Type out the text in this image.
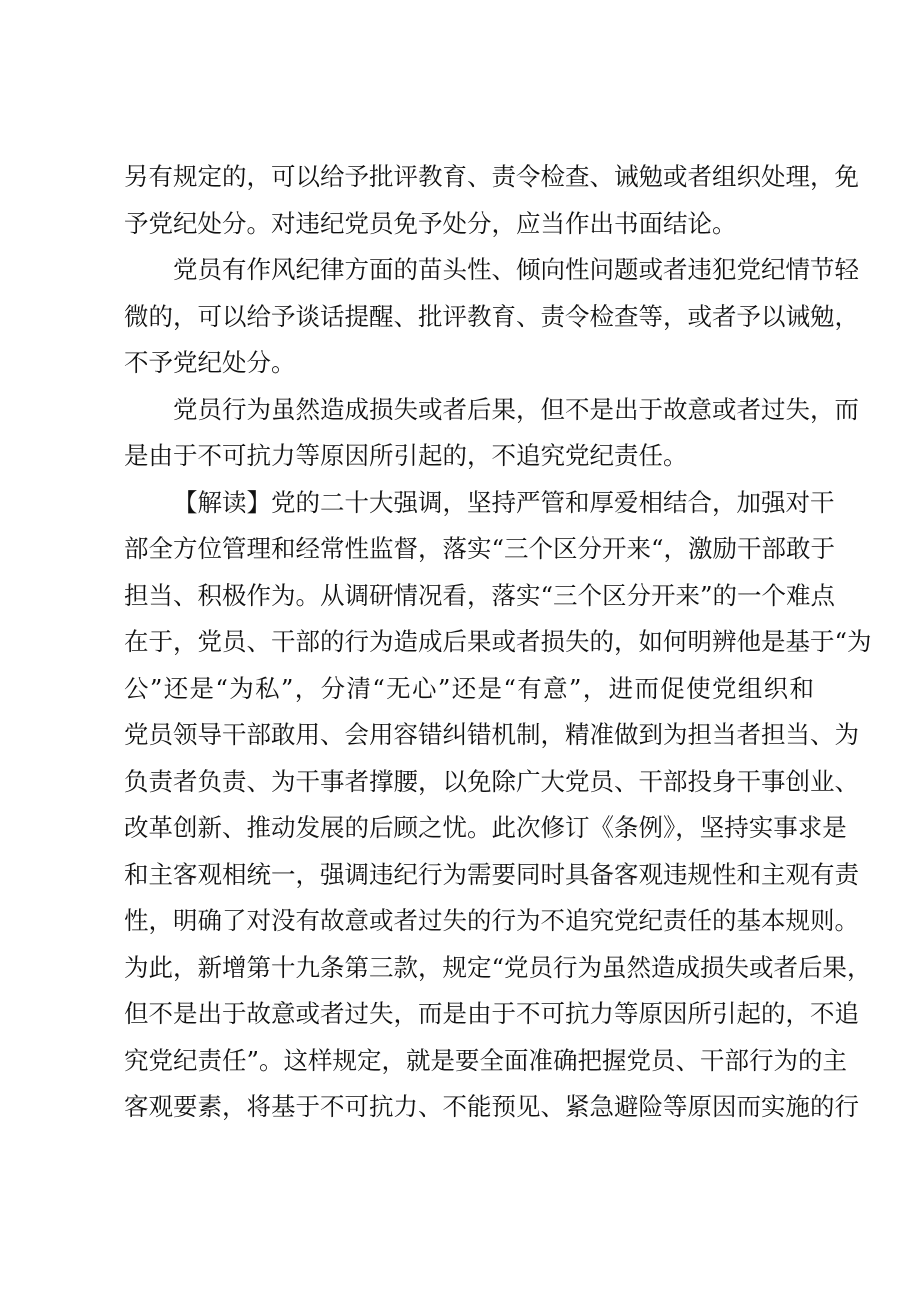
另有规定的，可以给予批评教育、责令检查、诫勉或者组织处理，免
予党纪处分。对违纪党员免予处分，应当作出书面结论。
党员有作风纪律方面的苗头性、倾向性问题或者违犯党纪情节轻
微的，可以给予谈话提醒、批评教育、责令检查等，或者予以诫勉，
不予党纪处分。
党员行为虽然造成损失或者后果，但不是出于故意或者过失，而
是由于不可抗力等原因所引起的，不追究党纪责任。
【解读】党的二十大强调，坚持严管和厚爱相结合，加强对干
部全方位管理和经常性监督，落实“三个区分开来“，激励干部敢于
担当、积极作为。从调研情况看，落实“三个区分开来”的一个难点
在于，党员、干部的行为造成后果或者损失的，如何明辨他是基于“为
公”还是“为私”，分清“无心”还是“有意”，进而促使党组织和
党员领导干部敢用、会用容错纠错机制，精准做到为担当者担当、为
负责者负责、为干事者撑腰，以免除广大党员、干部投身干事创业、
改革创新、推动发展的后顾之忧。此次修订《条例》，坚持实事求是
和主客观相统一，强调违纪行为需要同时具备客观违规性和主观有责
性，明确了对没有故意或者过失的行为不追究党纪责任的基本规则。
为此，新增第十九条第三款，规定“党员行为虽然造成损失或者后果，
但不是出于故意或者过失，而是由于不可抗力等原因所引起的，不追
究党纪责任”。这样规定，就是要全面准确把握党员、干部行为的主
客观要素，将基于不可抗力、不能预见、紧急避险等原因而实施的行
